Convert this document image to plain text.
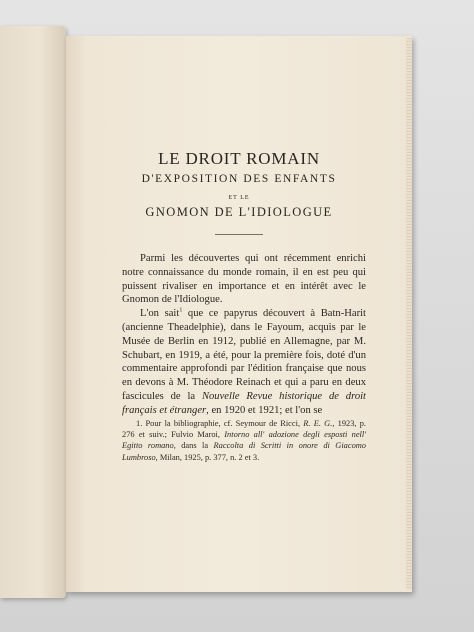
LE DROIT ROMAIN
D'EXPOSITION DES ENFANTS
ET LE
GNOMON DE L'IDIOLOGUE

Parmi les découvertes qui ont récemment enrichi notre connaissance du monde romain, il en est peu qui puissent rivaliser en importance et en intérêt avec le Gnomon de l'Idiologue.

L'on sait$^1$ que ce papyrus découvert à Batn-Harit (ancienne Theadelphie), dans le Fayoum, acquis par le Musée de Berlin en 1912, publié en Allemagne, par M. Schubart, en 1919, a été, pour la première fois, doté d'un commentaire approfondi par l'édition française que nous en devons à M. Théodore Reinach et qui a paru en deux fascicules de la Nouvelle Revue historique de droit français et étranger, en 1920 et 1921; et l'on se

1. Pour la bibliographie, cf. Seymour de Ricci, R. E. G., 1923, p. 276 et suiv.; Fulvio Maroi, Intorno all' adozione degli esposti nell' Egitto romano, dans la Raccolta di Scritti in onore di Giacomo Lumbroso, Milan, 1925, p. 377, n. 2 et 3.
